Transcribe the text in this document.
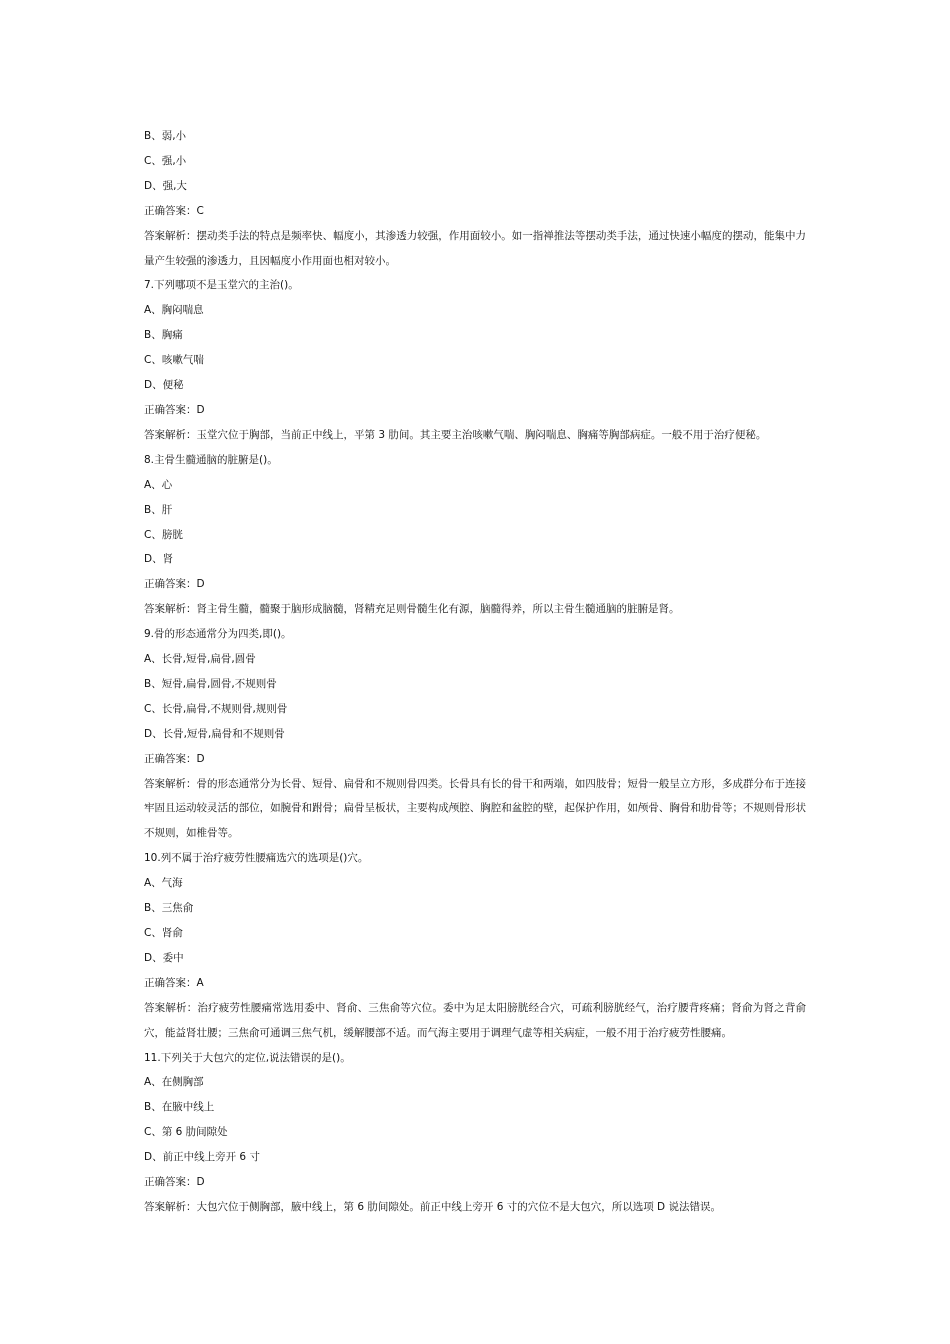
B、弱,小

C、强,小

D、强,大

正确答案：C

答案解析：摆动类手法的特点是频率快、幅度小，其渗透力较强，作用面较小。如一指禅推法等摆动类手法，通过快速小幅度的摆动，能集中力量产生较强的渗透力，且因幅度小作用面也相对较小。

7.下列哪项不是玉堂穴的主治()。

A、胸闷喘息

B、胸痛

C、咳嗽气喘

D、便秘

正确答案：D

答案解析：玉堂穴位于胸部，当前正中线上，平第 3 肋间。其主要主治咳嗽气喘、胸闷喘息、胸痛等胸部病症。一般不用于治疗便秘。

8.主骨生髓通脑的脏腑是()。

A、心

B、肝

C、膀胱

D、肾

正确答案：D

答案解析：肾主骨生髓，髓聚于脑形成脑髓，肾精充足则骨髓生化有源，脑髓得养，所以主骨生髓通脑的脏腑是肾。

9.骨的形态通常分为四类,即()。

A、长骨,短骨,扁骨,圆骨

B、短骨,扁骨,圆骨,不规则骨

C、长骨,扁骨,不规则骨,规则骨

D、长骨,短骨,扁骨和不规则骨

正确答案：D

答案解析：骨的形态通常分为长骨、短骨、扁骨和不规则骨四类。长骨具有长的骨干和两端，如四肢骨；短骨一般呈立方形，多成群分布于连接牢固且运动较灵活的部位，如腕骨和跗骨；扁骨呈板状，主要构成颅腔、胸腔和盆腔的壁，起保护作用，如颅骨、胸骨和肋骨等；不规则骨形状不规则，如椎骨等。

10.列不属于治疗疲劳性腰痛选穴的选项是()穴。

A、气海

B、三焦俞

C、肾俞

D、委中

正确答案：A

答案解析：治疗疲劳性腰痛常选用委中、肾俞、三焦俞等穴位。委中为足太阳膀胱经合穴，可疏利膀胱经气，治疗腰背疼痛；肾俞为肾之背俞穴，能益肾壮腰；三焦俞可通调三焦气机，缓解腰部不适。而气海主要用于调理气虚等相关病症，一般不用于治疗疲劳性腰痛。

11.下列关于大包穴的定位,说法错误的是()。

A、在侧胸部

B、在腋中线上

C、第 6 肋间隙处

D、前正中线上旁开 6 寸

正确答案：D

答案解析：大包穴位于侧胸部，腋中线上，第 6 肋间隙处。前正中线上旁开 6 寸的穴位不是大包穴，所以选项 D 说法错误。
